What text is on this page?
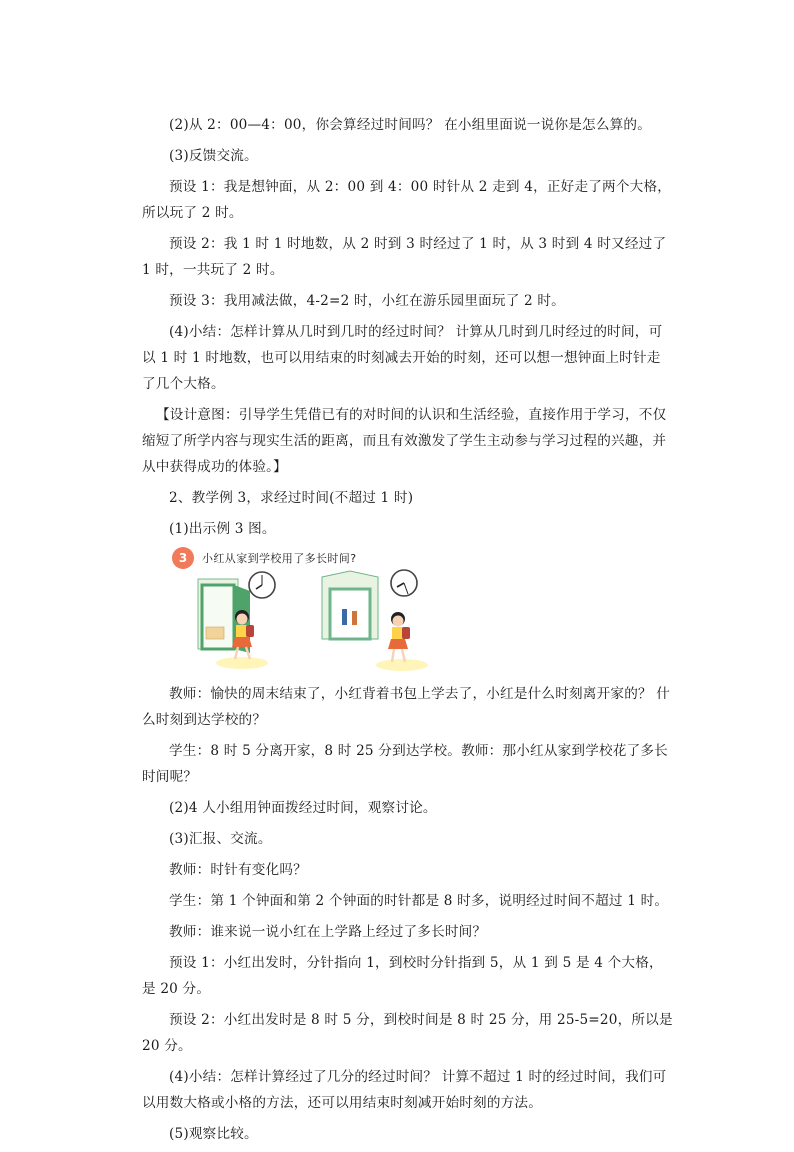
(2)从 2：00—4：00，你会算经过时间吗？ 在小组里面说一说你是怎么算的。

(3)反馈交流。

预设 1：我是想钟面，从 2：00 到 4：00 时针从 2 走到 4，正好走了两个大格，所以玩了 2 时。

预设 2：我 1 时 1 时地数，从 2 时到 3 时经过了 1 时，从 3 时到 4 时又经过了 1 时，一共玩了 2 时。

预设 3：我用减法做，4-2=2 时，小红在游乐园里面玩了 2 时。

(4)小结：怎样计算从几时到几时的经过时间？ 计算从几时到几时经过的时间，可以 1 时 1 时地数，也可以用结束的时刻减去开始的时刻，还可以想一想钟面上时针走了几个大格。

【设计意图：引导学生凭借已有的对时间的认识和生活经验，直接作用于学习，不仅缩短了所学内容与现实生活的距离，而且有效激发了学生主动参与学习过程的兴趣，并从中获得成功的体验。】

2、教学例 3，求经过时间(不超过 1 时)

(1)出示例 3 图。

3	小红从家到学校用了多长时间?

教师：愉快的周末结束了，小红背着书包上学去了，小红是什么时刻离开家的？ 什么时刻到达学校的？

学生：8 时 5 分离开家，8 时 25 分到达学校。教师：那小红从家到学校花了多长时间呢？

(2)4 人小组用钟面拨经过时间，观察讨论。

(3)汇报、交流。

教师：时针有变化吗？

学生：第 1 个钟面和第 2 个钟面的时针都是 8 时多，说明经过时间不超过 1 时。

教师：谁来说一说小红在上学路上经过了多长时间？

预设 1：小红出发时，分针指向 1，到校时分针指到 5，从 1 到 5 是 4 个大格，是 20 分。

预设 2：小红出发时是 8 时 5 分，到校时间是 8 时 25 分，用 25-5=20，所以是 20 分。

(4)小结：怎样计算经过了几分的经过时间？ 计算不超过 1 时的经过时间，我们可以用数大格或小格的方法，还可以用结束时刻减开始时刻的方法。

(5)观察比较。
